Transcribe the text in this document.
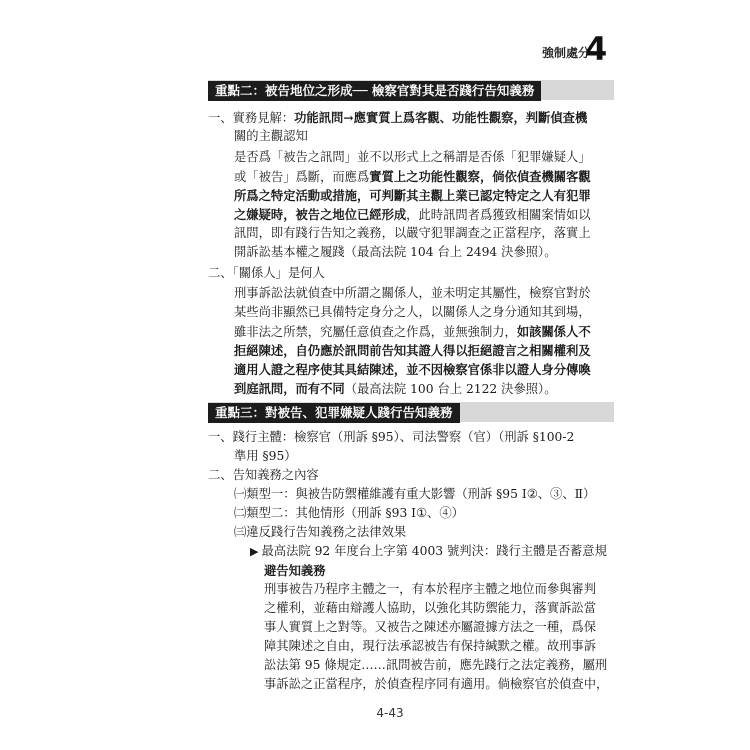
強制處分
4
重點二：被告地位之形成── 檢察官對其是否踐行告知義務
一、實務見解：功能訊問→應實質上爲客觀、功能性觀察，判斷偵查機
關的主觀認知
是否爲「被告之訊問」並不以形式上之稱謂是否係「犯罪嫌疑人」
或「被告」爲斷，而應爲實質上之功能性觀察，倘依偵查機關客觀
所爲之特定活動或措施，可判斷其主觀上業已認定特定之人有犯罪
之嫌疑時，被告之地位已經形成，此時訊問者爲獲致相關案情如以
訊問，即有踐行告知之義務，以嚴守犯罪調查之正當程序，落實上
開訴訟基本權之履踐（最高法院 104 台上 2494 決參照）。
二、「關係人」是何人
刑事訴訟法就偵查中所謂之關係人，並未明定其屬性，檢察官對於
某些尚非顯然已具備特定身分之人，以關係人之身分通知其到場，
雖非法之所禁，究屬任意偵查之作爲，並無強制力，如該關係人不
拒絕陳述，自仍應於訊問前告知其證人得以拒絕證言之相關權利及
適用人證之程序使其具結陳述，並不因檢察官係非以證人身分傳喚
到庭訊問，而有不同（最高法院 100 台上 2122 決參照）。
重點三：對被告、犯罪嫌疑人踐行告知義務
一、踐行主體：檢察官（刑訴 §95）、司法警察（官）（刑訴 §100-2
準用 §95）
二、告知義務之內容
㈠類型一：與被告防禦權維護有重大影響（刑訴 §95 Ⅰ②、③、Ⅱ）
㈡類型二：其他情形（刑訴 §93 Ⅰ①、④）
㈢違反踐行告知義務之法律效果
▶ 最高法院 92 年度台上字第 4003 號判決：踐行主體是否蓄意規
避告知義務
刑事被告乃程序主體之一，有本於程序主體之地位而參與審判
之權利，並藉由辯護人協助，以強化其防禦能力，落實訴訟當
事人實質上之對等。又被告之陳述亦屬證據方法之一種，爲保
障其陳述之自由，現行法承認被告有保持緘默之權。故刑事訴
訟法第 95 條規定……訊問被告前，應先踐行之法定義務，屬刑
事訴訟之正當程序，於偵查程序同有適用。倘檢察官於偵查中，
4-43
